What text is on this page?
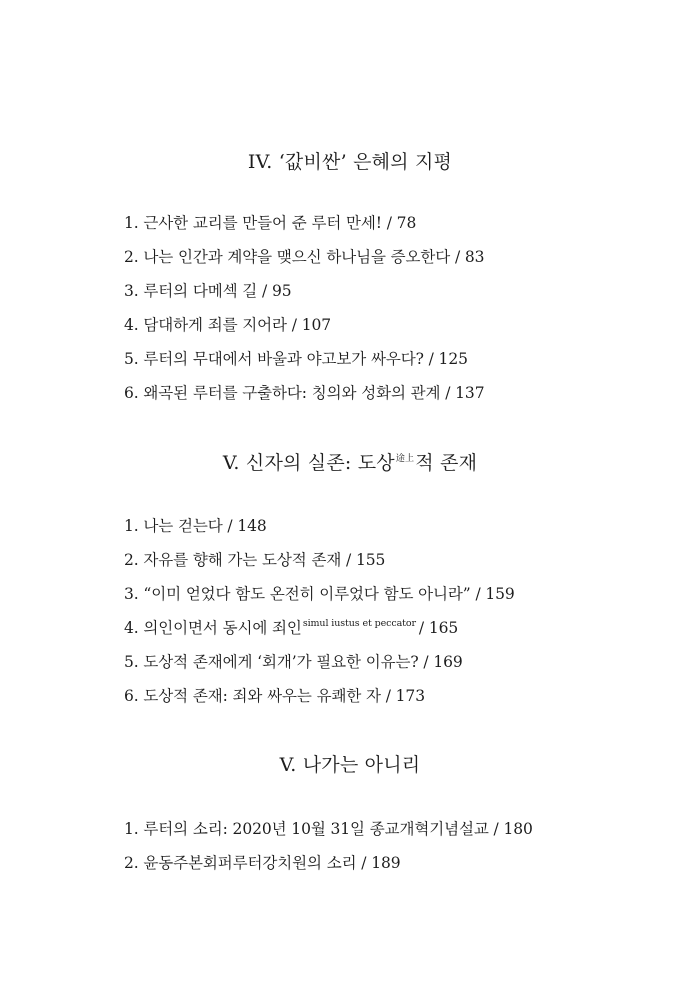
IV. ‘값비싼’ 은혜의 지평
1. 근사한 교리를 만들어 준 루터 만세! / 78
2. 나는 인간과 계약을 맺으신 하나님을 증오한다 / 83
3. 루터의 다메섹 길 / 95
4. 담대하게 죄를 지어라 / 107
5. 루터의 무대에서 바울과 야고보가 싸우다? / 125
6. 왜곡된 루터를 구출하다: 칭의와 성화의 관계 / 137
V. 신자의 실존: 도상$^{途上}$적 존재
1. 나는 걷는다 / 148
2. 자유를 향해 가는 도상적 존재 / 155
3. “이미 얻었다 함도 온전히 이루었다 함도 아니라” / 159
4. 의인이면서 동시에 죄인$^{simul iustus et peccator}$ / 165
5. 도상적 존재에게 ‘회개’가 필요한 이유는? / 169
6. 도상적 존재: 죄와 싸우는 유쾌한 자 / 173
V. 나가는 아니리
1. 루터의 소리: 2020년 10월 31일 종교개혁기념설교 / 180
2. 윤동주본회퍼루터강치원의 소리 / 189
